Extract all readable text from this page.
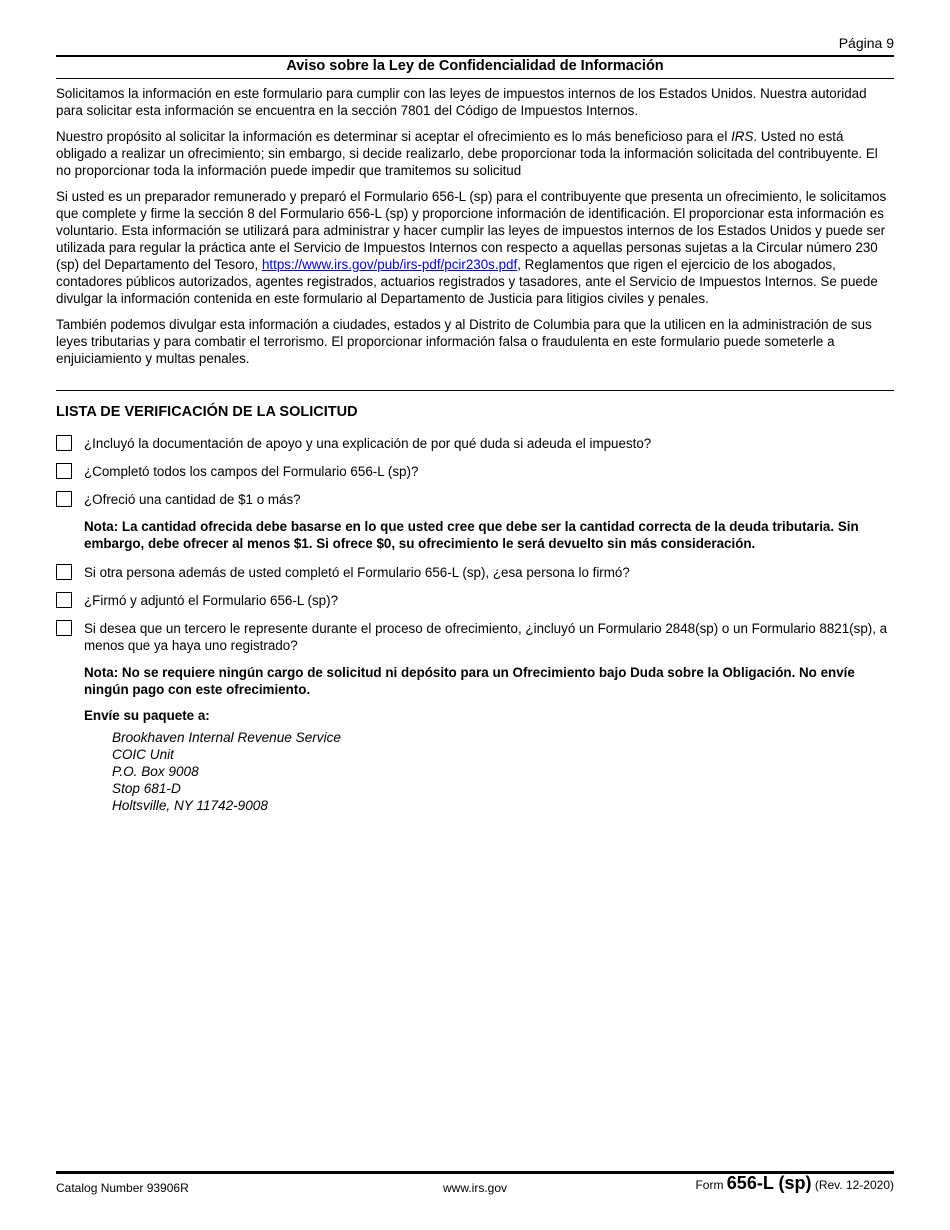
Página 9
Aviso sobre la Ley de Confidencialidad de Información

Solicitamos la información en este formulario para cumplir con las leyes de impuestos internos de los Estados Unidos. Nuestra autoridad para solicitar esta información se encuentra en la sección 7801 del Código de Impuestos Internos.

Nuestro propósito al solicitar la información es determinar si aceptar el ofrecimiento es lo más beneficioso para el IRS. Usted no está obligado a realizar un ofrecimiento; sin embargo, si decide realizarlo, debe proporcionar toda la información solicitada del contribuyente. El no proporcionar toda la información puede impedir que tramitemos su solicitud

Si usted es un preparador remunerado y preparó el Formulario 656-L (sp) para el contribuyente que presenta un ofrecimiento, le solicitamos que complete y firme la sección 8 del Formulario 656-L (sp) y proporcione información de identificación. El proporcionar esta información es voluntario. Esta información se utilizará para administrar y hacer cumplir las leyes de impuestos internos de los Estados Unidos y puede ser utilizada para regular la práctica ante el Servicio de Impuestos Internos con respecto a aquellas personas sujetas a la Circular número 230 (sp) del Departamento del Tesoro, https://www.irs.gov/pub/irs-pdf/pcir230s.pdf, Reglamentos que rigen el ejercicio de los abogados, contadores públicos autorizados, agentes registrados, actuarios registrados y tasadores, ante el Servicio de Impuestos Internos. Se puede divulgar la información contenida en este formulario al Departamento de Justicia para litigios civiles y penales.

También podemos divulgar esta información a ciudades, estados y al Distrito de Columbia para que la utilicen en la administración de sus leyes tributarias y para combatir el terrorismo. El proporcionar información falsa o fraudulenta en este formulario puede someterle a enjuiciamiento y multas penales.

LISTA DE VERIFICACIÓN DE LA SOLICITUD
¿Incluyó la documentación de apoyo y una explicación de por qué duda si adeuda el impuesto?
¿Completó todos los campos del Formulario 656-L (sp)?
¿Ofreció una cantidad de $1 o más?
Nota: La cantidad ofrecida debe basarse en lo que usted cree que debe ser la cantidad correcta de la deuda tributaria. Sin embargo, debe ofrecer al menos $1. Si ofrece $0, su ofrecimiento le será devuelto sin más consideración.
Si otra persona además de usted completó el Formulario 656-L (sp), ¿esa persona lo firmó?
¿Firmó y adjuntó el Formulario 656-L (sp)?
Si desea que un tercero le represente durante el proceso de ofrecimiento, ¿incluyó un Formulario 2848(sp) o un Formulario 8821(sp), a menos que ya haya uno registrado?
Nota: No se requiere ningún cargo de solicitud ni depósito para un Ofrecimiento bajo Duda sobre la Obligación. No envíe ningún pago con este ofrecimiento.
Envíe su paquete a:
Brookhaven Internal Revenue Service
COIC Unit
P.O. Box 9008
Stop 681-D
Holtsville, NY 11742-9008
Catalog Number 93906R	www.irs.gov	Form 656-L (sp) (Rev. 12-2020)
